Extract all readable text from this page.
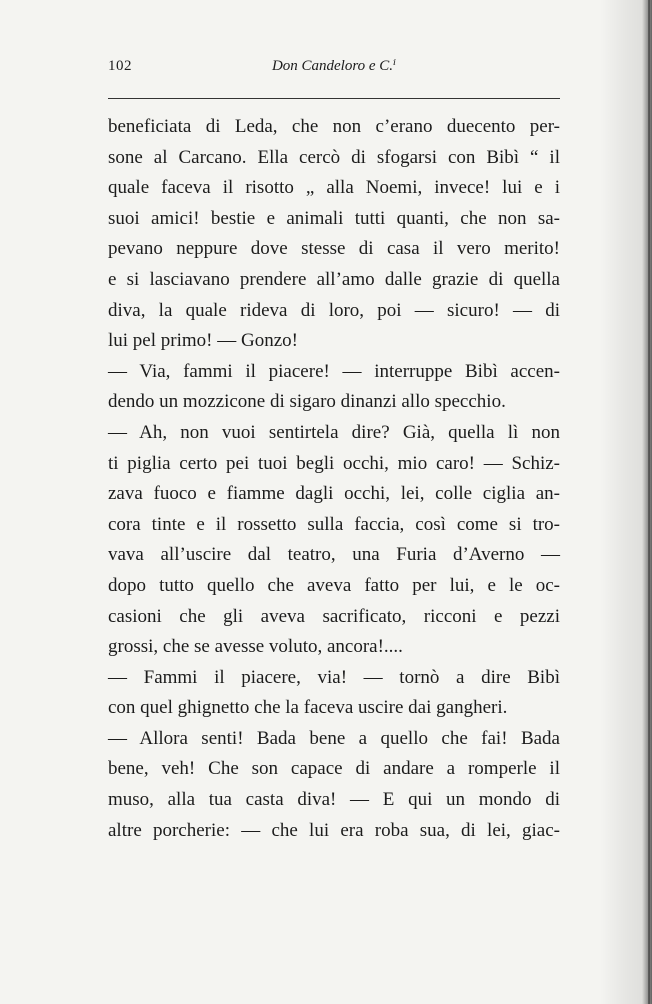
102	Don Candeloro e C.ⁱ
beneficiata di Leda, che non c’erano duecento per-
sone al Carcano. Ella cercò di sfogarsi con Bibì “ il
quale faceva il risotto „ alla Noemi, invece! lui e i
suoi amici! bestie e animali tutti quanti, che non sa-
pevano neppure dove stesse di casa il vero merito!
e si lasciavano prendere all’amo dalle grazie di quella
diva, la quale rideva di loro, poi — sicuro! — di
lui pel primo! — Gonzo!
— Via, fammi il piacere! — interruppe Bibì accen-
dendo un mozzicone di sigaro dinanzi allo specchio.
— Ah, non vuoi sentirtela dire? Già, quella lì non
ti piglia certo pei tuoi begli occhi, mio caro! — Schiz-
zava fuoco e fiamme dagli occhi, lei, colle ciglia an-
cora tinte e il rossetto sulla faccia, così come si tro-
vava all’uscire dal teatro, una Furia d’Averno —
dopo tutto quello che aveva fatto per lui, e le oc-
casioni che gli aveva sacrificato, ricconi e pezzi
grossi, che se avesse voluto, ancora!....
— Fammi il piacere, via! — tornò a dire Bibì
con quel ghignetto che la faceva uscire dai gangheri.
— Allora senti! Bada bene a quello che fai! Bada
bene, veh! Che son capace di andare a romperle il
muso, alla tua casta diva! — E qui un mondo di
altre porcherie: — che lui era roba sua, di lei, giac-
